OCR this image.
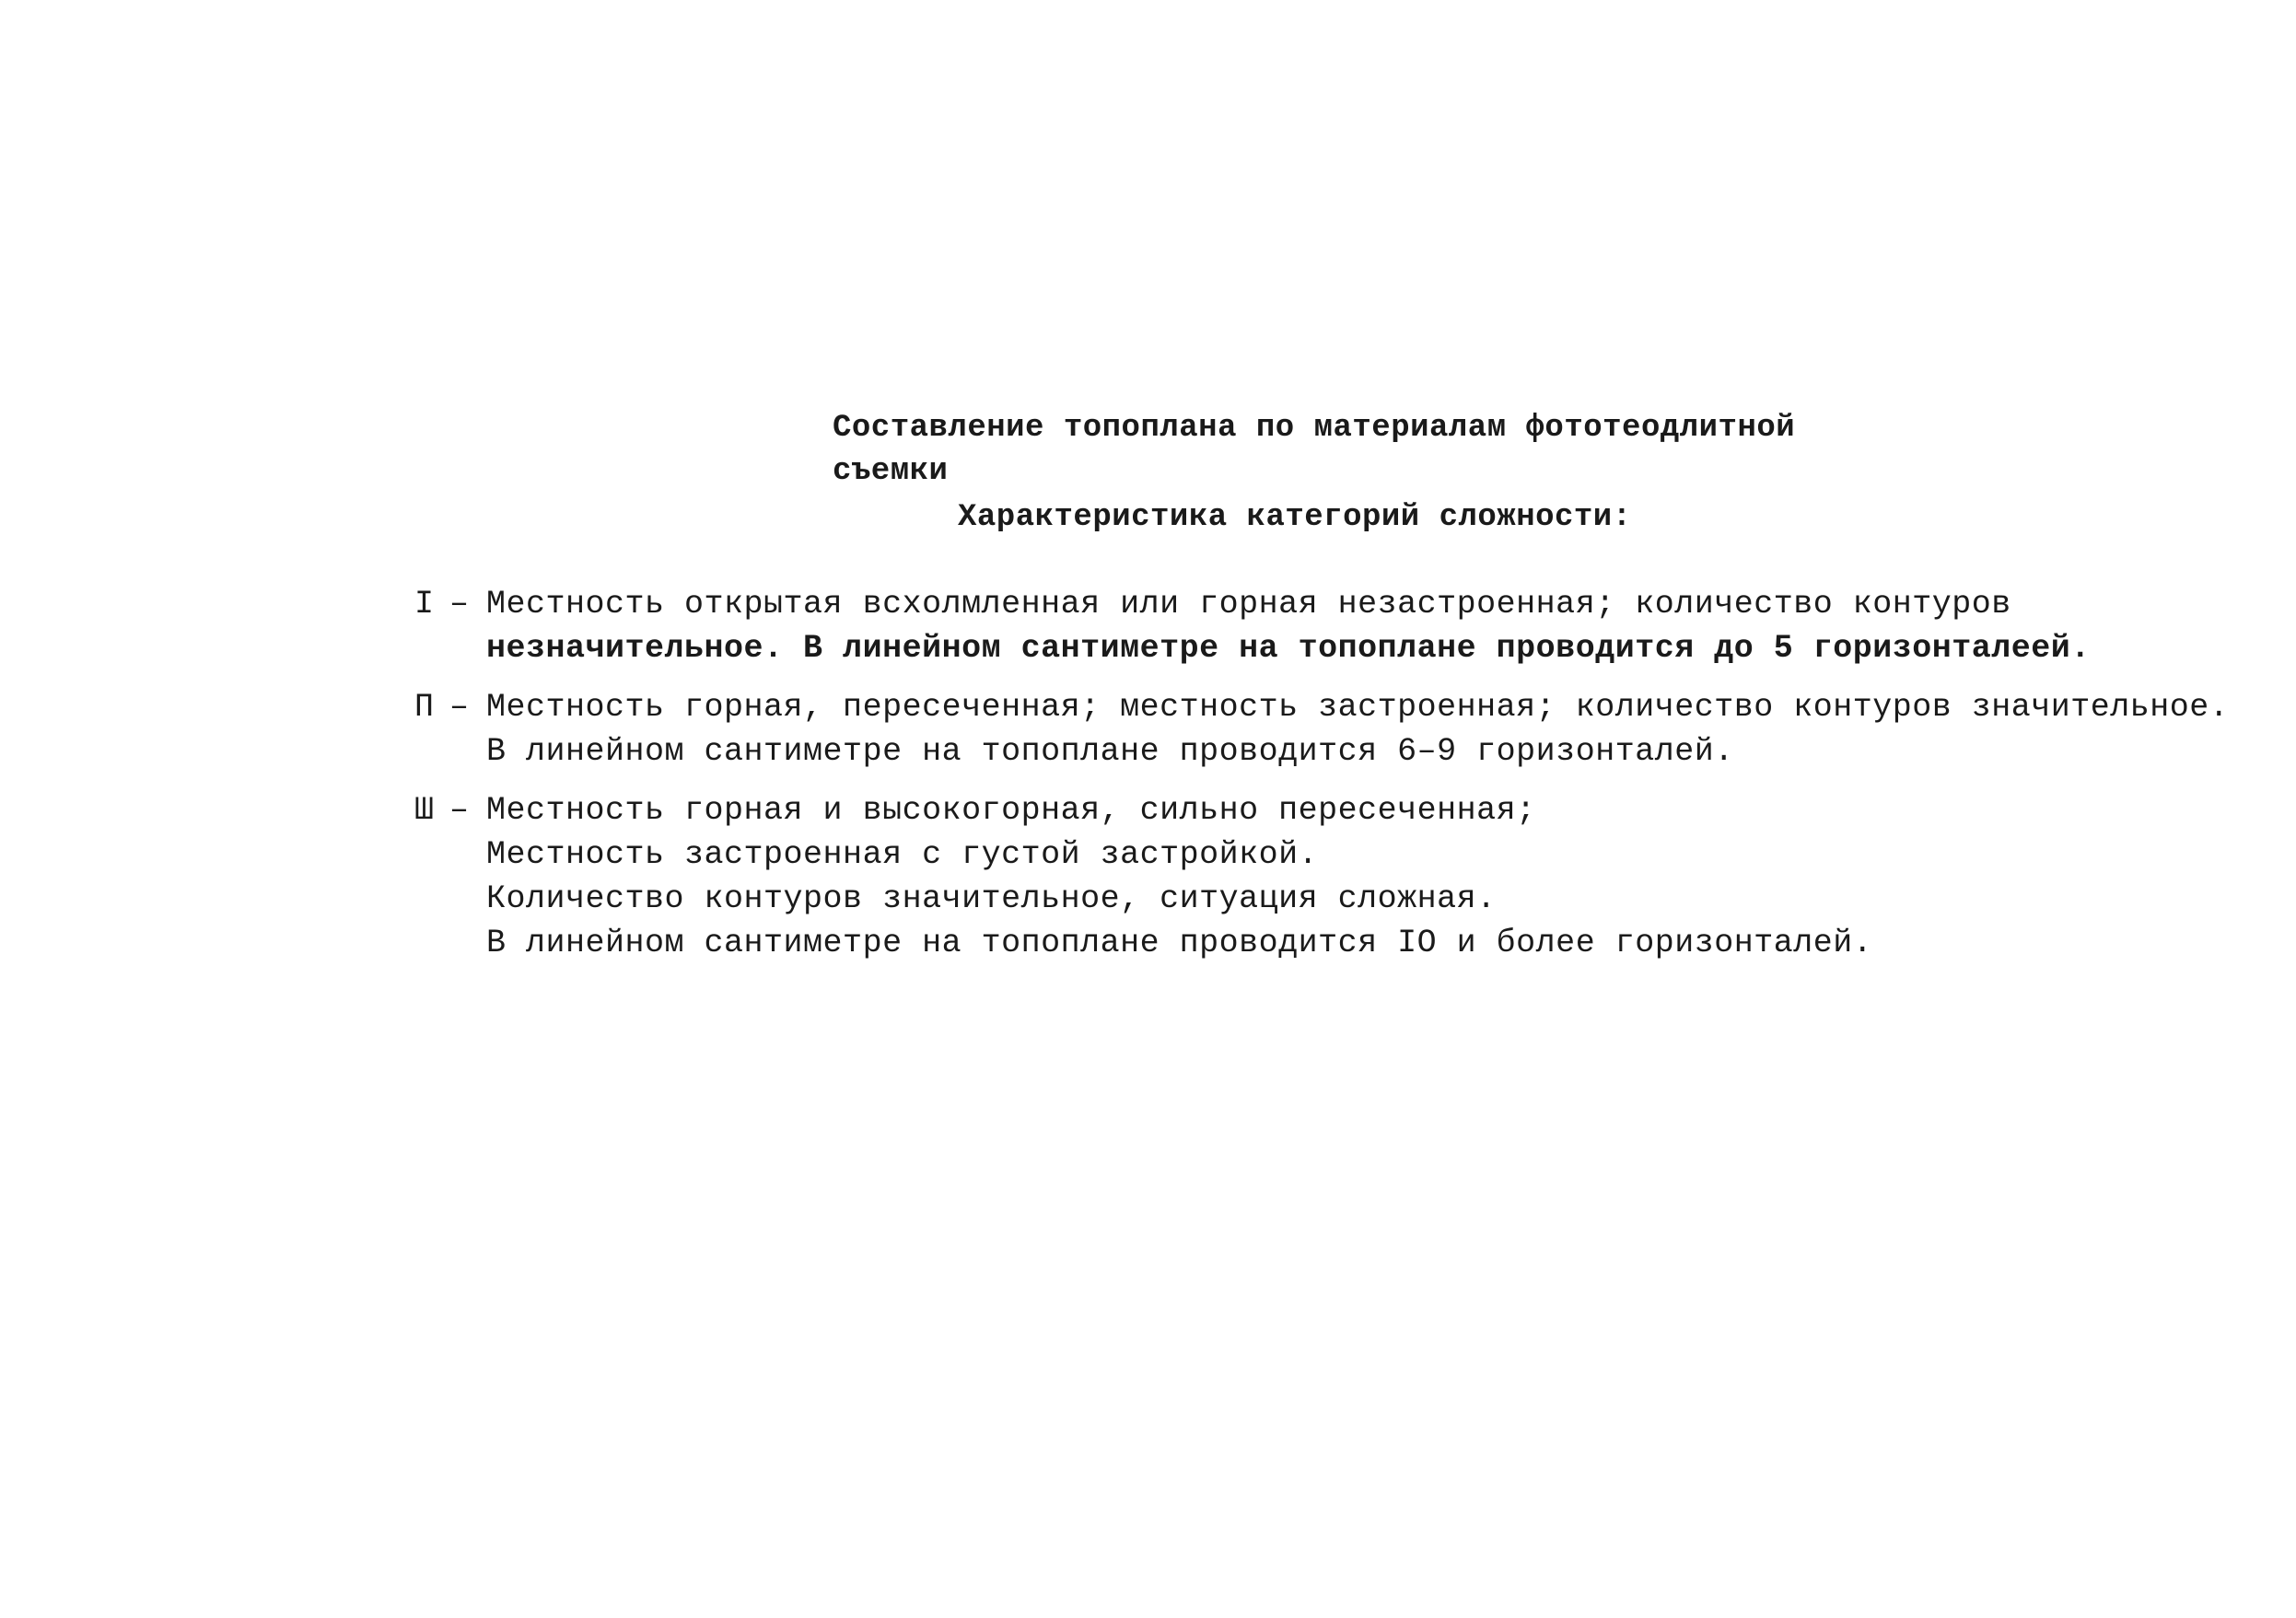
Составление топоплана по материалам фототеодлитной
съемки
Характеристика категорий сложности:
I – Местность открытая всхолмленная или горная незастроенная; количество контуров
незначительное. В линейном сантиметре на топоплане проводится до 5 горизонталеей.
П – Местность горная, пересеченная; местность застроенная; количество контуров значительное.
В линейном сантиметре на топоплане проводится 6–9 горизонталей.
Ш – Местность горная и высокогорная, сильно пересеченная;
Местность застроенная с густой застройкой.
Количество контуров значительное, ситуация сложная.
В линейном сантиметре на топоплане проводится IO и более горизонталей.
